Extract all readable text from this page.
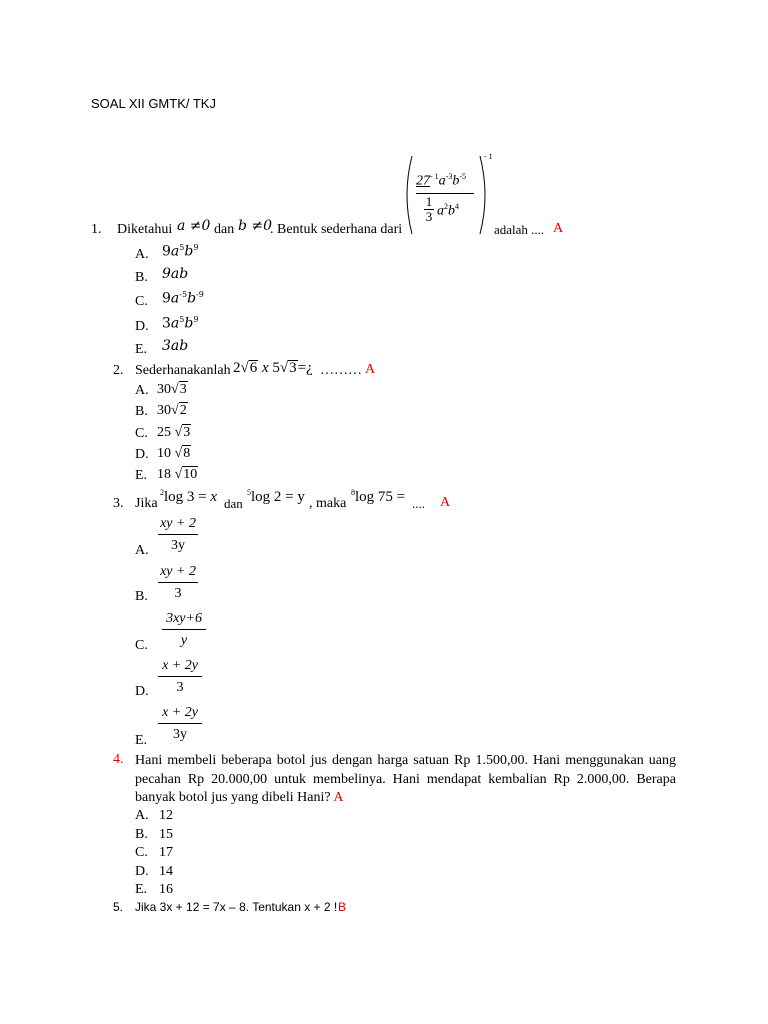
SOAL XII GMTK/ TKJ
1. Diketahui a ≠0 dan b ≠0
. Bentuk sederhana dari
- 1
$27^{- 1}a^{-3}b^{-5}$
$\frac{1}{3} a^2b^4$
adalah .... A
A. $9a^5b^9$
B. 9ab
C. $9a^{-5}b^{-9}$
D. $3a^5b^9$
E. 3ab
2. Sederhanakanlah 2√6 x 5√3=¿ ……… A
A. 30√3
B. 30√2
C. 25 √3
D. 10 √8
E. 18 √10
3. Jika
$^2$log 3 = x dan
$^5$log 2 = y , maka
$^8$log 75 = .... A
A.
xy + 2
3y
B.
xy + 2
3
C.
3xy+6
y
D.
x + 2y
3
E.
x + 2y
3y
4. Hani membeli beberapa botol jus dengan harga satuan Rp 1.500,00. Hani menggunakan uang pecahan Rp 20.000,00 untuk membelinya. Hani mendapat kembalian Rp 2.000,00. Berapa banyak botol jus yang dibeli Hani? A
A. 12
B. 15
C. 17
D. 14
E. 16
5. Jika 3x + 12 = 7x – 8. Tentukan x + 2 ! B
